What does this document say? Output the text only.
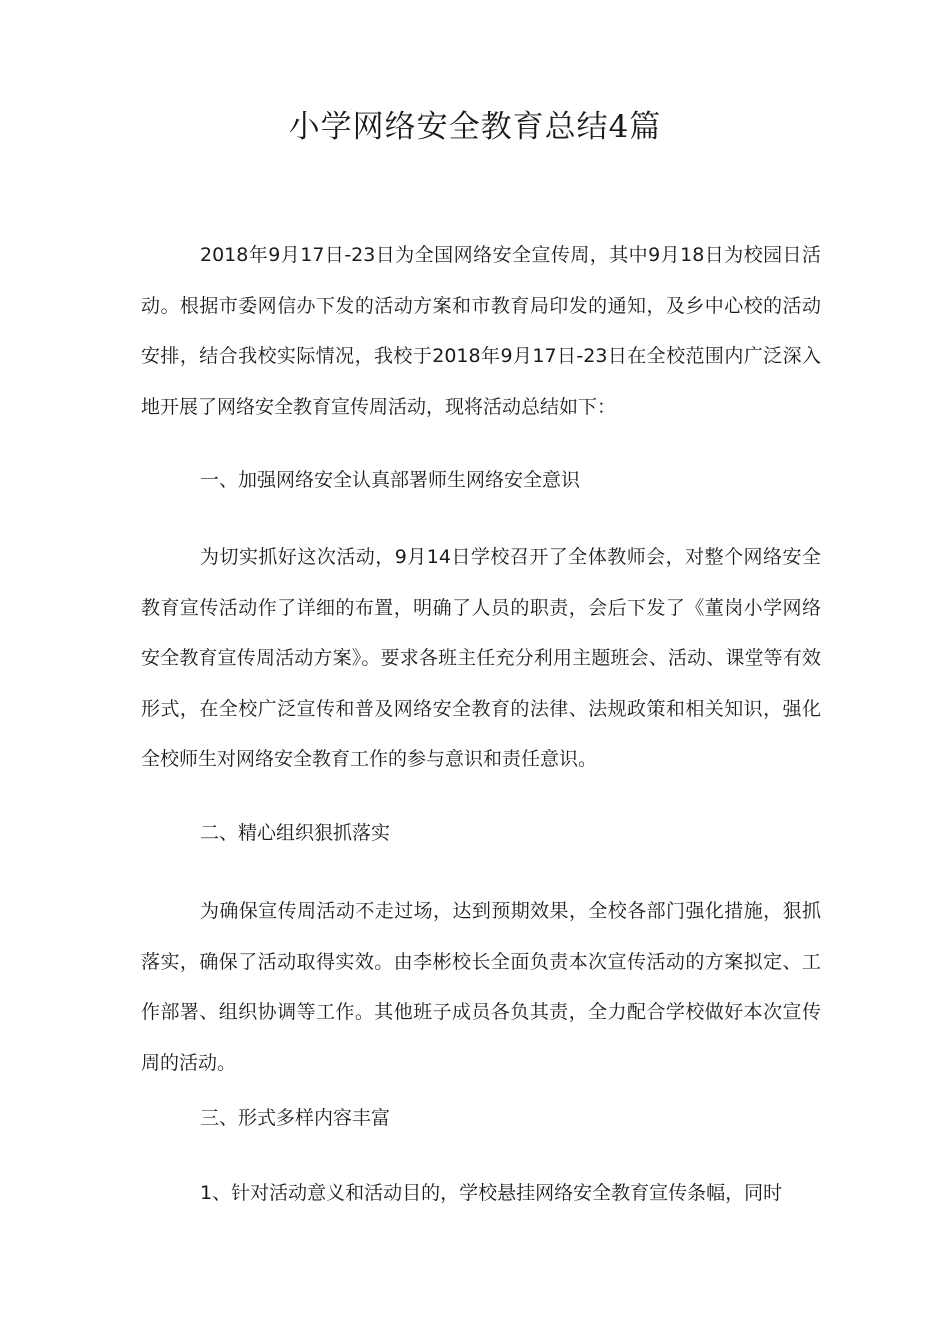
小学网络安全教育总结4篇

2018年9月17日-23日为全国网络安全宣传周，其中9月18日为校园日活动。根据市委网信办下发的活动方案和市教育局印发的通知，及乡中心校的活动安排，结合我校实际情况，我校于2018年9月17日-23日在全校范围内广泛深入地开展了网络安全教育宣传周活动，现将活动总结如下：

一、加强网络安全认真部署师生网络安全意识

为切实抓好这次活动，9月14日学校召开了全体教师会，对整个网络安全教育宣传活动作了详细的布置，明确了人员的职责，会后下发了《董岗小学网络安全教育宣传周活动方案》。要求各班主任充分利用主题班会、活动、课堂等有效形式，在全校广泛宣传和普及网络安全教育的法律、法规政策和相关知识，强化全校师生对网络安全教育工作的参与意识和责任意识。

二、精心组织狠抓落实

为确保宣传周活动不走过场，达到预期效果，全校各部门强化措施，狠抓落实，确保了活动取得实效。由李彬校长全面负责本次宣传活动的方案拟定、工作部署、组织协调等工作。其他班子成员各负其责，全力配合学校做好本次宣传周的活动。

三、形式多样内容丰富

1、针对活动意义和活动目的，学校悬挂网络安全教育宣传条幅，同时
